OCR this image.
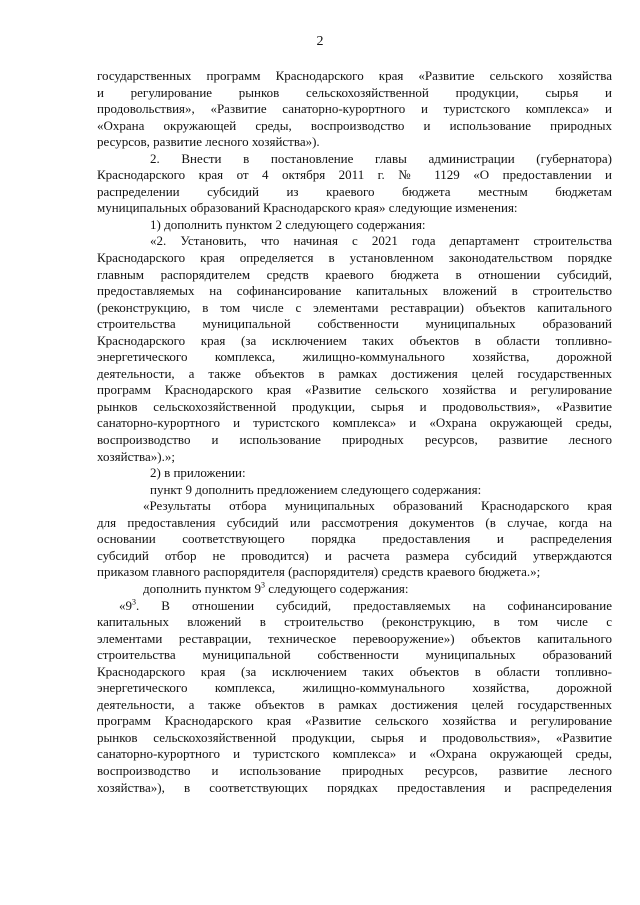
2
государственных программ Краснодарского края «Развитие сельского хозяйства
и регулирование рынков сельскохозяйственной продукции, сырья и
продовольствия», «Развитие санаторно-курортного и туристского комплекса» и
«Охрана окружающей среды, воспроизводство и использование природных
ресурсов, развитие лесного хозяйства»).
2. Внести в постановление главы администрации (губернатора)
Краснодарского края от 4 октября 2011 г. № 1129 «О предоставлении и
распределении субсидий из краевого бюджета местным бюджетам
муниципальных образований Краснодарского края» следующие изменения:
1) дополнить пунктом 2 следующего содержания:
«2. Установить, что начиная с 2021 года департамент строительства
Краснодарского края определяется в установленном законодательством порядке
главным распорядителем средств краевого бюджета в отношении субсидий,
предоставляемых на софинансирование капитальных вложений в строительство
(реконструкцию, в том числе с элементами реставрации) объектов капитального
строительства муниципальной собственности муниципальных образований
Краснодарского края (за исключением таких объектов в области топливно-
энергетического комплекса, жилищно-коммунального хозяйства, дорожной
деятельности, а также объектов в рамках достижения целей государственных
программ Краснодарского края «Развитие сельского хозяйства и регулирование
рынков сельскохозяйственной продукции, сырья и продовольствия», «Развитие
санаторно-курортного и туристского комплекса» и «Охрана окружающей среды,
воспроизводство и использование природных ресурсов, развитие лесного
хозяйства»).»;
2) в приложении:
пункт 9 дополнить предложением следующего содержания:
«Результаты отбора муниципальных образований Краснодарского края
для предоставления субсидий или рассмотрения документов (в случае, когда на
основании соответствующего порядка предоставления и распределения
субсидий отбор не проводится) и расчета размера субсидий утверждаются
приказом главного распорядителя (распорядителя) средств краевого бюджета.»;
дополнить пунктом $9^3$ следующего содержания:
«$9^3$. В отношении субсидий, предоставляемых на софинансирование
капитальных вложений в строительство (реконструкцию, в том числе с
элементами реставрации, техническое перевооружение») объектов капитального
строительства муниципальной собственности муниципальных образований
Краснодарского края (за исключением таких объектов в области топливно-
энергетического комплекса, жилищно-коммунального хозяйства, дорожной
деятельности, а также объектов в рамках достижения целей государственных
программ Краснодарского края «Развитие сельского хозяйства и регулирование
рынков сельскохозяйственной продукции, сырья и продовольствия», «Развитие
санаторно-курортного и туристского комплекса» и «Охрана окружающей среды,
воспроизводство и использование природных ресурсов, развитие лесного
хозяйства»), в соответствующих порядках предоставления и распределения
